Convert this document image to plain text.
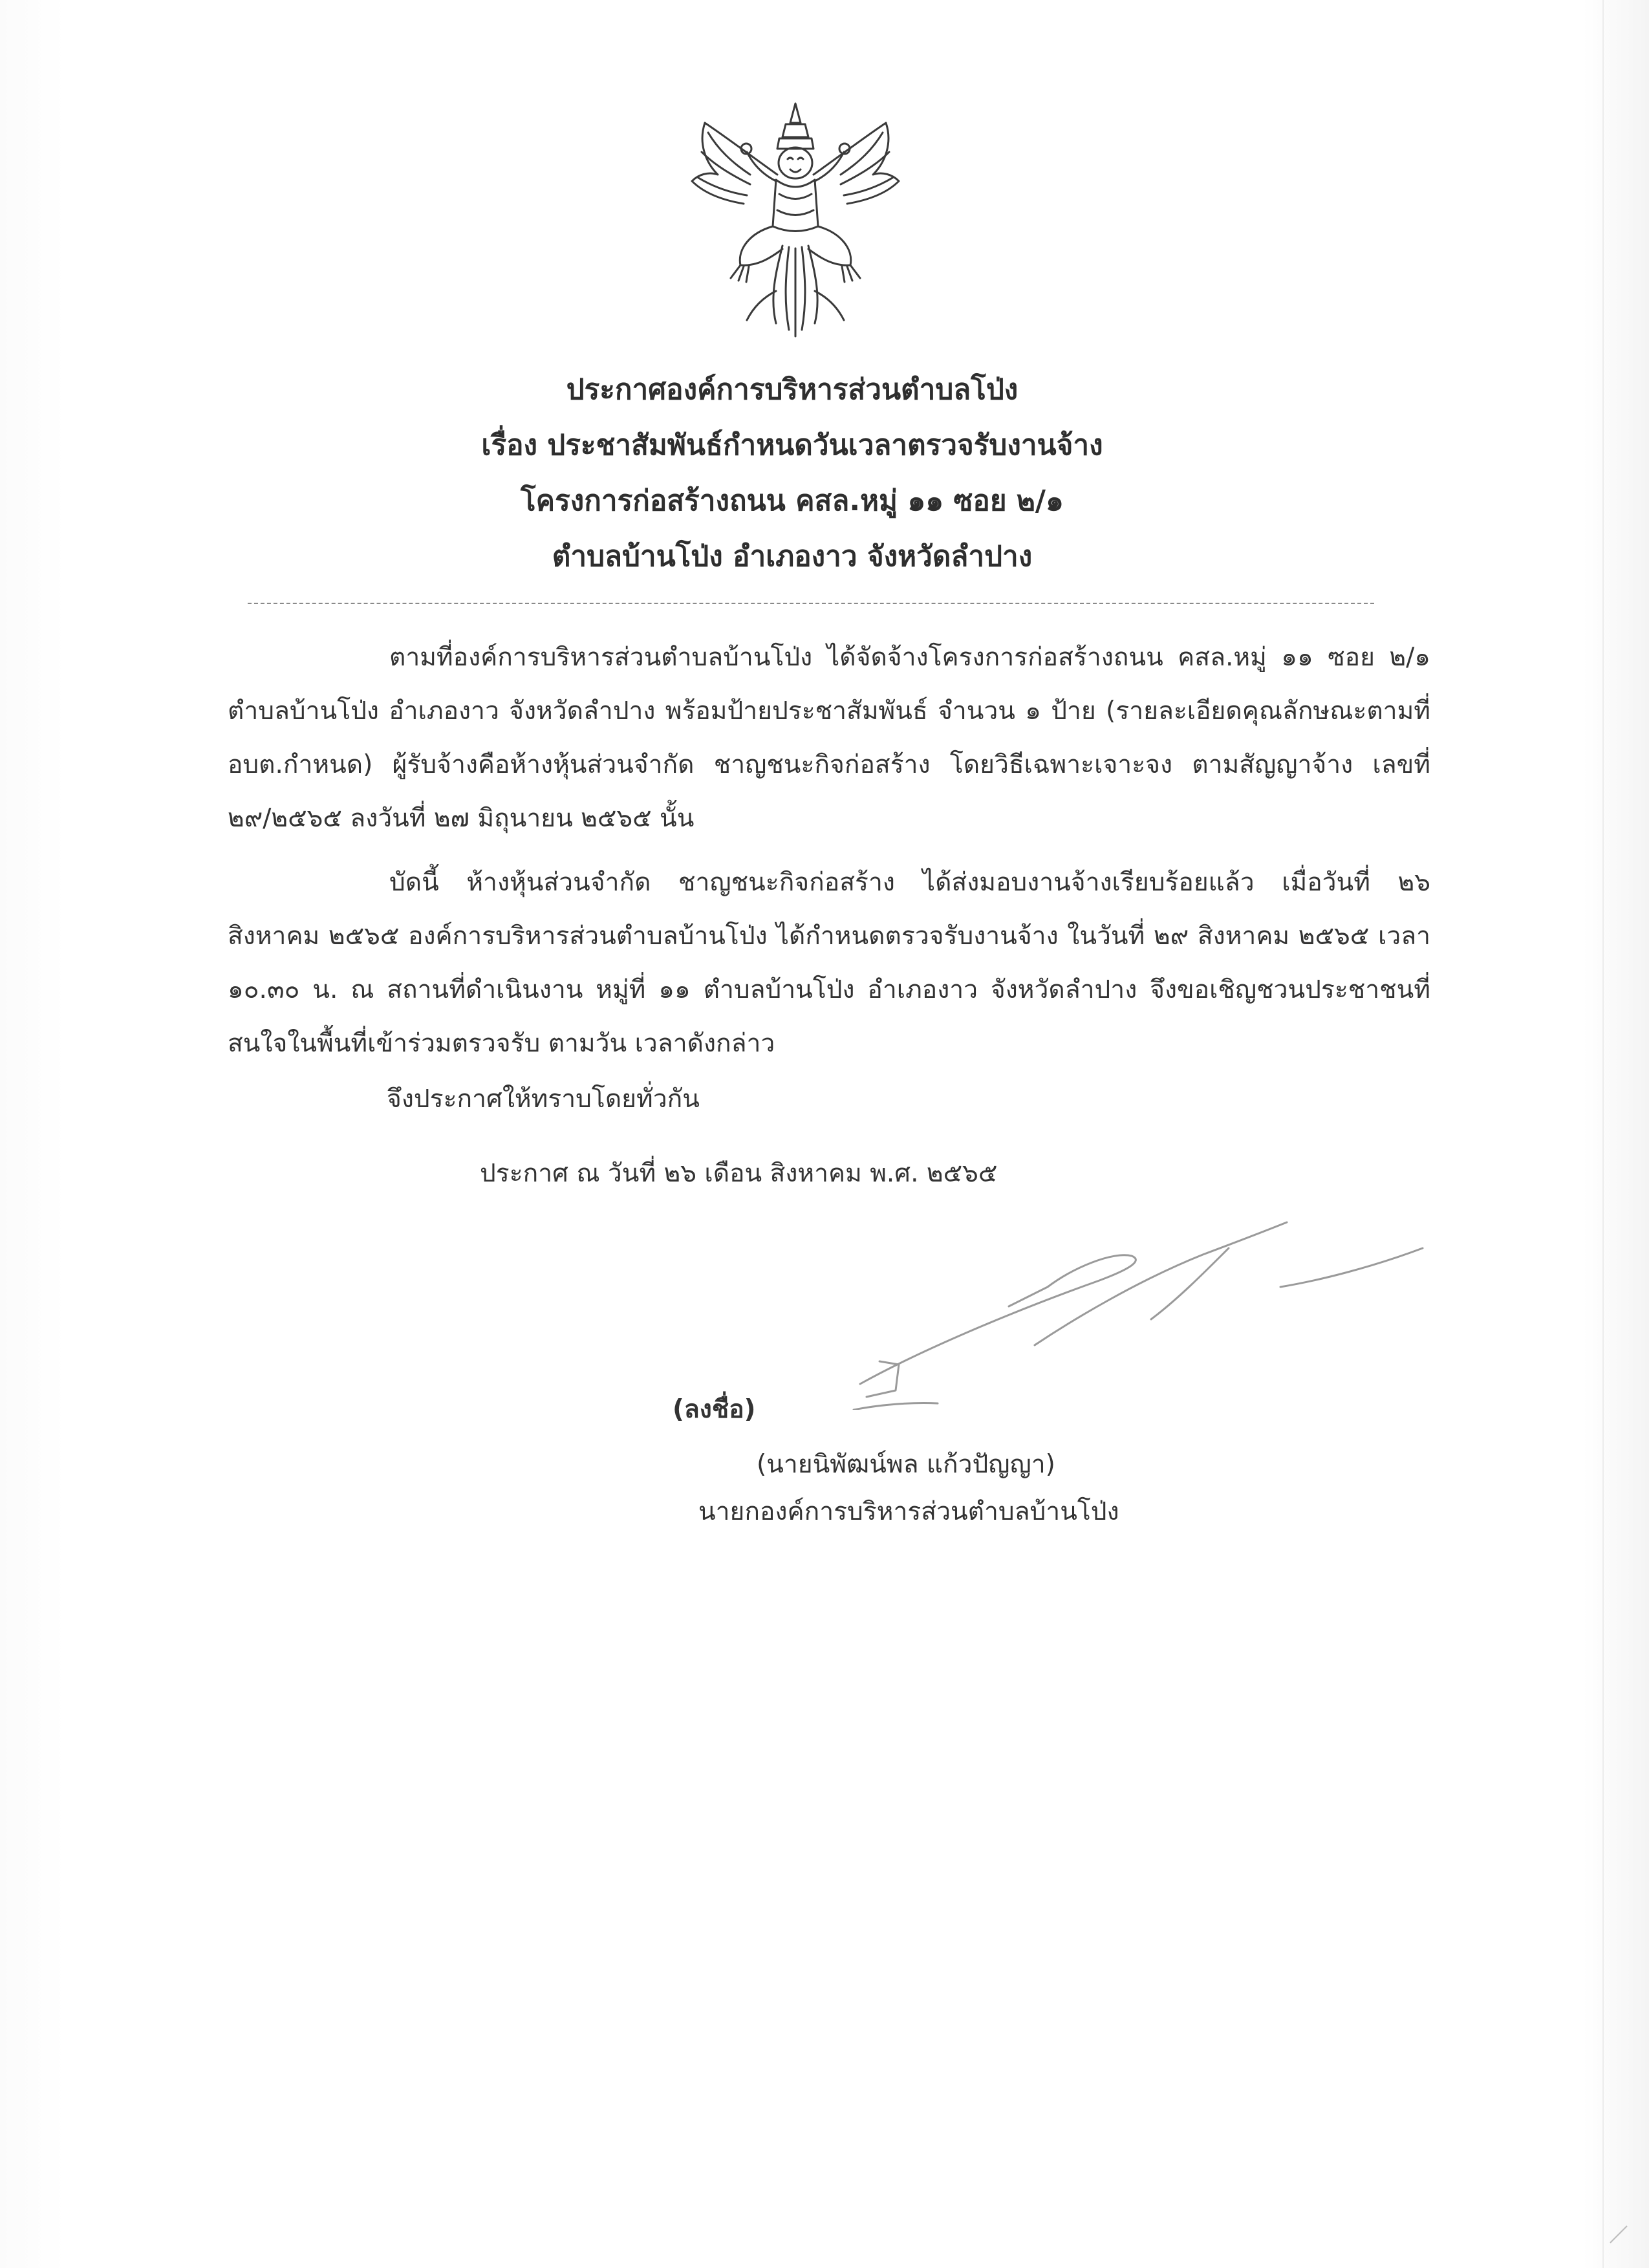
ประกาศองค์การบริหารส่วนตำบลโป่ง
เรื่อง ประชาสัมพันธ์กำหนดวันเวลาตรวจรับงานจ้าง
โครงการก่อสร้างถนน คสล.หมู่ ๑๑ ซอย ๒/๑
ตำบลบ้านโป่ง อำเภองาว จังหวัดลำปาง

ตามที่องค์การบริหารส่วนตำบลบ้านโป่ง ได้จัดจ้างโครงการก่อสร้างถนน คสล.หมู่ ๑๑ ซอย ๒/๑ ตำบลบ้านโป่ง อำเภองาว จังหวัดลำปาง พร้อมป้ายประชาสัมพันธ์ จำนวน ๑ ป้าย (รายละเอียดคุณลักษณะตามที่ อบต.กำหนด) ผู้รับจ้างคือห้างหุ้นส่วนจำกัด ชาญชนะกิจก่อสร้าง โดยวิธีเฉพาะเจาะจง ตามสัญญาจ้าง เลขที่ ๒๙/๒๕๖๕ ลงวันที่ ๒๗ มิถุนายน ๒๕๖๕ นั้น

บัดนี้ ห้างหุ้นส่วนจำกัด ชาญชนะกิจก่อสร้าง ได้ส่งมอบงานจ้างเรียบร้อยแล้ว เมื่อวันที่ ๒๖ สิงหาคม ๒๕๖๕ องค์การบริหารส่วนตำบลบ้านโป่ง ได้กำหนดตรวจรับงานจ้าง ในวันที่ ๒๙ สิงหาคม ๒๕๖๕ เวลา ๑๐.๓๐ น. ณ สถานที่ดำเนินงาน หมู่ที่ ๑๑ ตำบลบ้านโป่ง อำเภองาว จังหวัดลำปาง จึงขอเชิญชวนประชาชนที่สนใจในพื้นที่เข้าร่วมตรวจรับ ตามวัน เวลาดังกล่าว

จึงประกาศให้ทราบโดยทั่วกัน
ประกาศ ณ วันที่ ๒๖ เดือน สิงหาคม พ.ศ. ๒๕๖๕
(ลงชื่อ)
(นายนิพัฒน์พล แก้วปัญญา)
นายกองค์การบริหารส่วนตำบลบ้านโป่ง
